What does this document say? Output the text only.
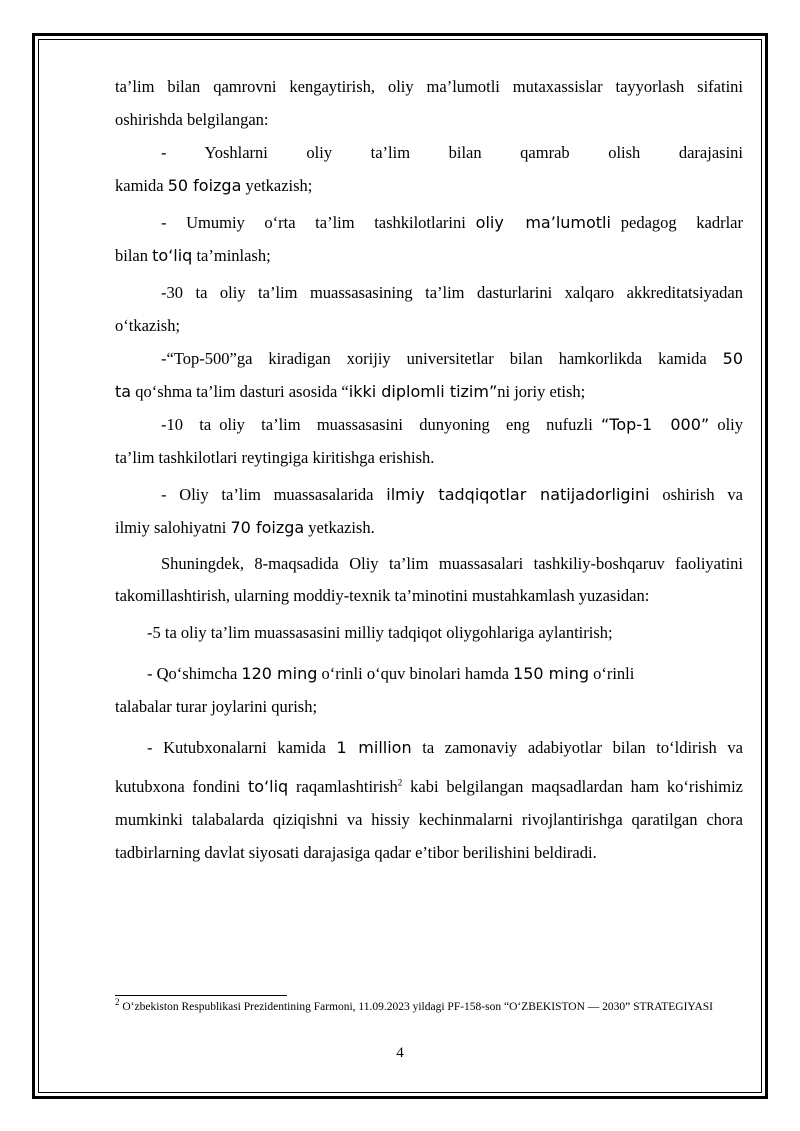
ta’lim bilan qamrovni kengaytirish, oliy ma’lumotli mutaxassislar tayyorlash sifatini

oshirishda belgilangan:

-   Yoshlarni   oliy   ta’lim   bilan   qamrab   olish   darajasini

kamida 50 foizga yetkazish;

-  Umumiy  o‘rta  ta’lim  tashkilotlarini oliy  ma’lumotli pedagog  kadrlar

bilan to‘liq ta’minlash;

-30 ta oliy ta’lim muassasasining ta’lim dasturlarini xalqaro akkreditatsiyadan

o‘tkazish;

-“Top-500”ga kiradigan xorijiy universitetlar bilan hamkorlikda kamida 50

ta qo‘shma ta’lim dasturi asosida “ikki diplomli tizim”ni joriy etish;

-10  ta oliy  ta’lim  muassasasini  dunyoning  eng  nufuzli “Top-1  000” oliy

ta’lim tashkilotlari reytingiga kiritishga erishish.

- Oliy ta’lim muassasalarida ilmiy tadqiqotlar natijadorligini oshirish va

ilmiy salohiyatni 70 foizga yetkazish.

Shuningdek, 8-maqsadida Oliy ta’lim muassasalari tashkiliy-boshqaruv faoliyatini takomillashtirish, ularning moddiy-texnik ta’minotini mustahkamlash yuzasidan:

-5 ta oliy ta’lim muassasasini milliy tadqiqot oliygohlariga aylantirish;

- Qo‘shimcha 120 ming o‘rinli o‘quv binolari hamda 150 ming o‘rinli

talabalar turar joylarini qurish;

- Kutubxonalarni kamida 1 million ta zamonaviy adabiyotlar bilan to‘ldirish va

kutubxona fondini to‘liq raqamlashtirish$^2$ kabi belgilangan maqsadlardan ham ko‘rishimiz mumkinki talabalarda qiziqishni va hissiy kechinmalarni rivojlantirishga qaratilgan chora tadbirlarning davlat siyosati darajasiga qadar e’tibor berilishini beldiradi.

$^2$ O‘zbekiston Respublikasi Prezidentining Farmoni, 11.09.2023 yildagi PF-158-son “O‘ZBEKISTON — 2030” STRATEGIYASI
4
